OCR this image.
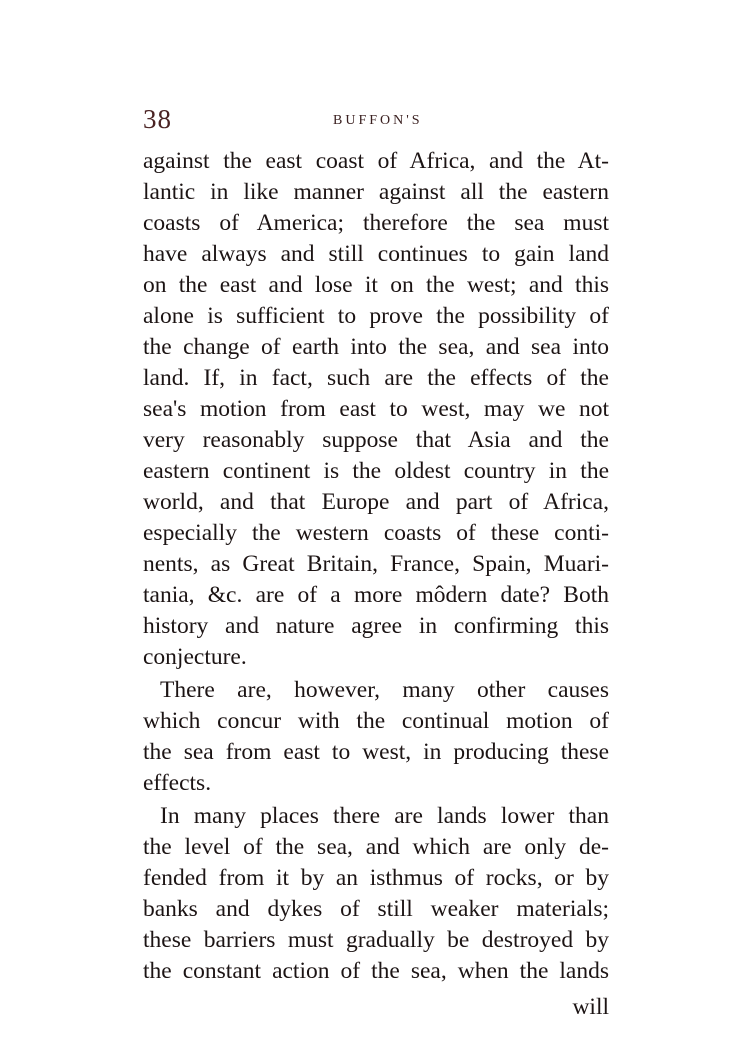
38	BUFFON'S
against the east coast of Africa, and the At-
lantic in like manner against all the eastern
coasts of America; therefore the sea must
have always and still continues to gain land
on the east and lose it on the west; and this
alone is sufficient to prove the possibility of
the change of earth into the sea, and sea into
land. If, in fact, such are the effects of the
sea's motion from east to west, may we not
very reasonably suppose that Asia and the
eastern continent is the oldest country in the
world, and that Europe and part of Africa,
especially the western coasts of these conti-
nents, as Great Britain, France, Spain, Muari-
tania, &c. are of a more môdern date? Both
history and nature agree in confirming this
conjecture.
There are, however, many other causes
which concur with the continual motion of
the sea from east to west, in producing these
effects.
In many places there are lands lower than
the level of the sea, and which are only de-
fended from it by an isthmus of rocks, or by
banks and dykes of still weaker materials;
these barriers must gradually be destroyed by
the constant action of the sea, when the lands
will
